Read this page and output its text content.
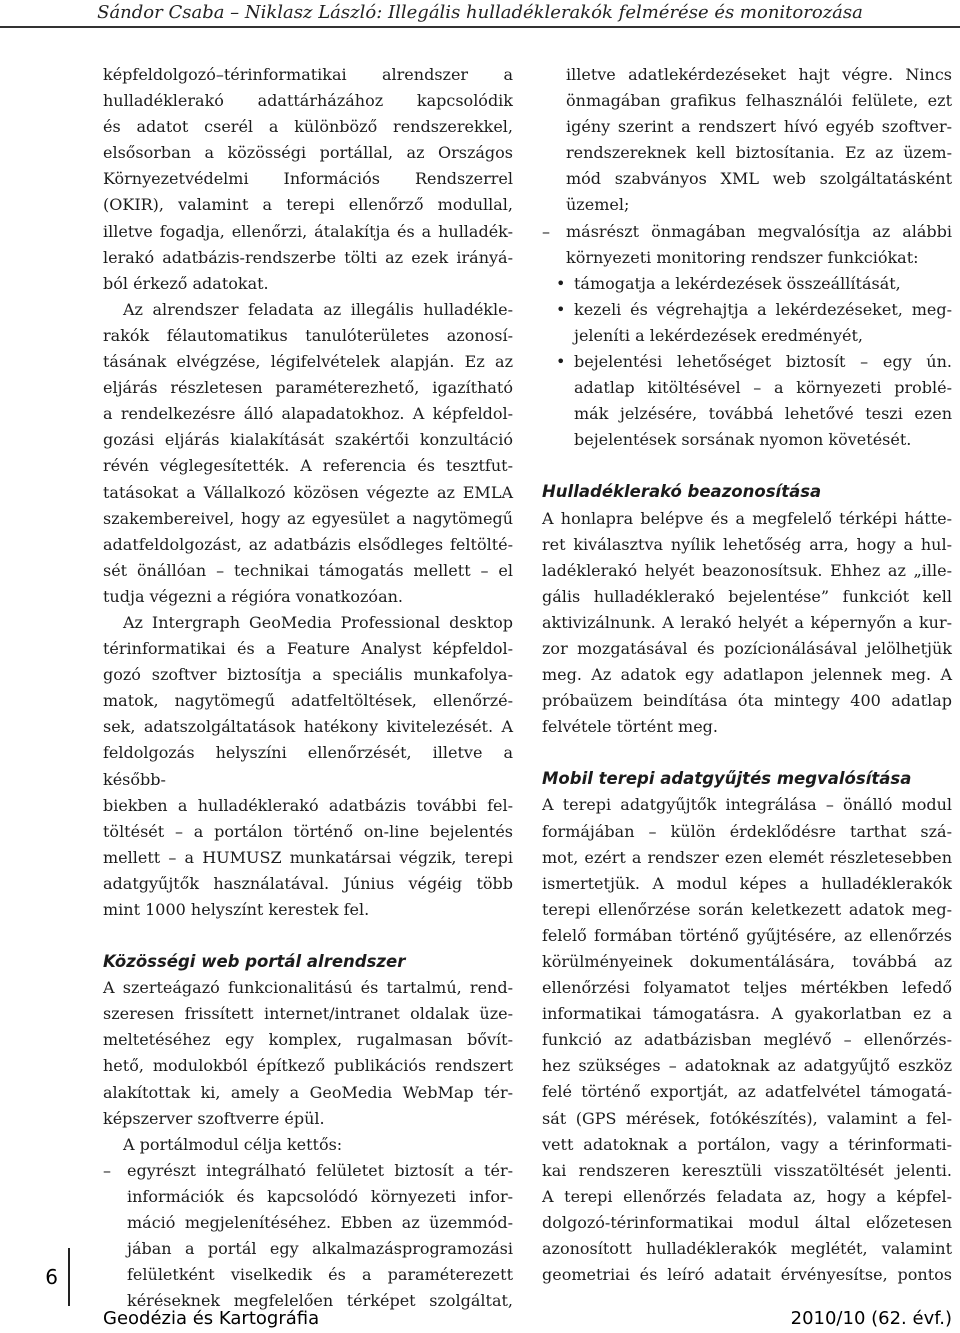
Sándor Csaba – Niklasz László: Illegális hulladéklerakók felmérése és monitorozása

képfeldolgozó–térinformatikai alrendszer a

hulladéklerakó adattárházához kapcsolódik

és adatot cserél a különböző rendszerekkel,

elsősorban a közösségi portállal, az Országos

Környezetvédelmi Információs Rendszerrel

(OKIR), valamint a terepi ellenőrző modullal,

illetve fogadja, ellenőrzi, átalakítja és a hulladék-

lerakó adatbázis-rendszerbe tölti az ezek irányá-

ból érkező adatokat.

Az alrendszer feladata az illegális hulladékle-

rakók félautomatikus tanulóterületes azonosí-

tásának elvégzése, légifelvételek alapján. Ez az

eljárás részletesen paraméterezhető, igazítható

a rendelkezésre álló alapadatokhoz. A képfeldol-

gozási eljárás kialakítását szakértői konzultáció

révén véglegesítették. A referencia és tesztfut-

tatásokat a Vállalkozó közösen végezte az EMLA

szakembereivel, hogy az egyesület a nagytömegű

adatfeldolgozást, az adatbázis elsődleges feltölté-

sét önállóan – technikai támogatás mellett – el

tudja végezni a régióra vonatkozóan.

Az Intergraph GeoMedia Professional desktop

térinformatikai és a Feature Analyst képfeldol-

gozó szoftver biztosítja a speciális munkafolya-

matok, nagytömegű adatfeltöltések, ellenőrzé-

sek, adatszolgáltatások hatékony kivitelezését. A

feldolgozás helyszíni ellenőrzését, illetve a később-

biekben a hulladéklerakó adatbázis további fel-

töltését – a portálon történő on-line bejelentés

mellett – a HUMUSZ munkatársai végzik, terepi

adatgyűjtők használatával. Június végéig több

mint 1000 helyszínt kerestek fel.

Közösségi web portál alrendszer

A szerteágazó funkcionalitású és tartalmú, rend-

szeresen frissített internet/intranet oldalak üze-

meltetéséhez egy komplex, rugalmasan bővít-

hető, modulokból építkező publikációs rendszert

alakítottak ki, amely a GeoMedia WebMap tér-

képszerver szoftverre épül.

A portálmodul célja kettős:

– egyrészt integrálható felületet biztosít a tér-

információk és kapcsolódó környezeti infor-

máció megjelenítéséhez. Ebben az üzemmód-

jában a portál egy alkalmazásprogramozási

felületként viselkedik és a paraméterezett

kéréseknek megfelelően térképet szolgáltat,

illetve adatlekérdezéseket hajt végre. Nincs

önmagában grafikus felhasználói felülete, ezt

igény szerint a rendszert hívó egyéb szoftver-

rendszereknek kell biztosítania. Ez az üzem-

mód szabványos XML web szolgáltatásként

üzemel;

– másrészt önmagában megvalósítja az alábbi

környezeti monitoring rendszer funkciókat:

• támogatja a lekérdezések összeállítását,

• kezeli és végrehajtja a lekérdezéseket, meg-

jeleníti a lekérdezések eredményét,

• bejelentési lehetőséget biztosít – egy ún.

adatlap kitöltésével – a környezeti problé-

mák jelzésére, továbbá lehetővé teszi ezen

bejelentések sorsának nyomon követését.

Hulladéklerakó beazonosítása

A honlapra belépve és a megfelelő térképi hátte-

ret kiválasztva nyílik lehetőség arra, hogy a hul-

ladéklerakó helyét beazonosítsuk. Ehhez az „ille-

gális hulladéklerakó bejelentése” funkciót kell

aktivizálnunk. A lerakó helyét a képernyőn a kur-

zor mozgatásával és pozícionálásával jelölhetjük

meg. Az adatok egy adatlapon jelennek meg. A

próbaüzem beindítása óta mintegy 400 adatlap

felvétele történt meg.

Mobil terepi adatgyűjtés megvalósítása

A terepi adatgyűjtők integrálása – önálló modul

formájában – külön érdeklődésre tarthat szá-

mot, ezért a rendszer ezen elemét részletesebben

ismertetjük. A modul képes a hulladéklerakók

terepi ellenőrzése során keletkezett adatok meg-

felelő formában történő gyűjtésére, az ellenőrzés

körülményeinek dokumentálására, továbbá az

ellenőrzési folyamatot teljes mértékben lefedő

informatikai támogatásra. A gyakorlatban ez a

funkció az adatbázisban meglévő – ellenőrzés-

hez szükséges – adatoknak az adatgyűjtő eszköz

felé történő exportját, az adatfelvétel támogatá-

sát (GPS mérések, fotókészítés), valamint a fel-

vett adatoknak a portálon, vagy a térinformati-

kai rendszeren keresztüli visszatöltését jelenti.

A terepi ellenőrzés feladata az, hogy a képfel-

dolgozó-térinformatikai modul által előzetesen

azonosított hulladéklerakók meglétét, valamint

geometriai és leíró adatait érvényesítse, pontos

6
Geodézia és Kartográfia	2010/10 (62. évf.)
